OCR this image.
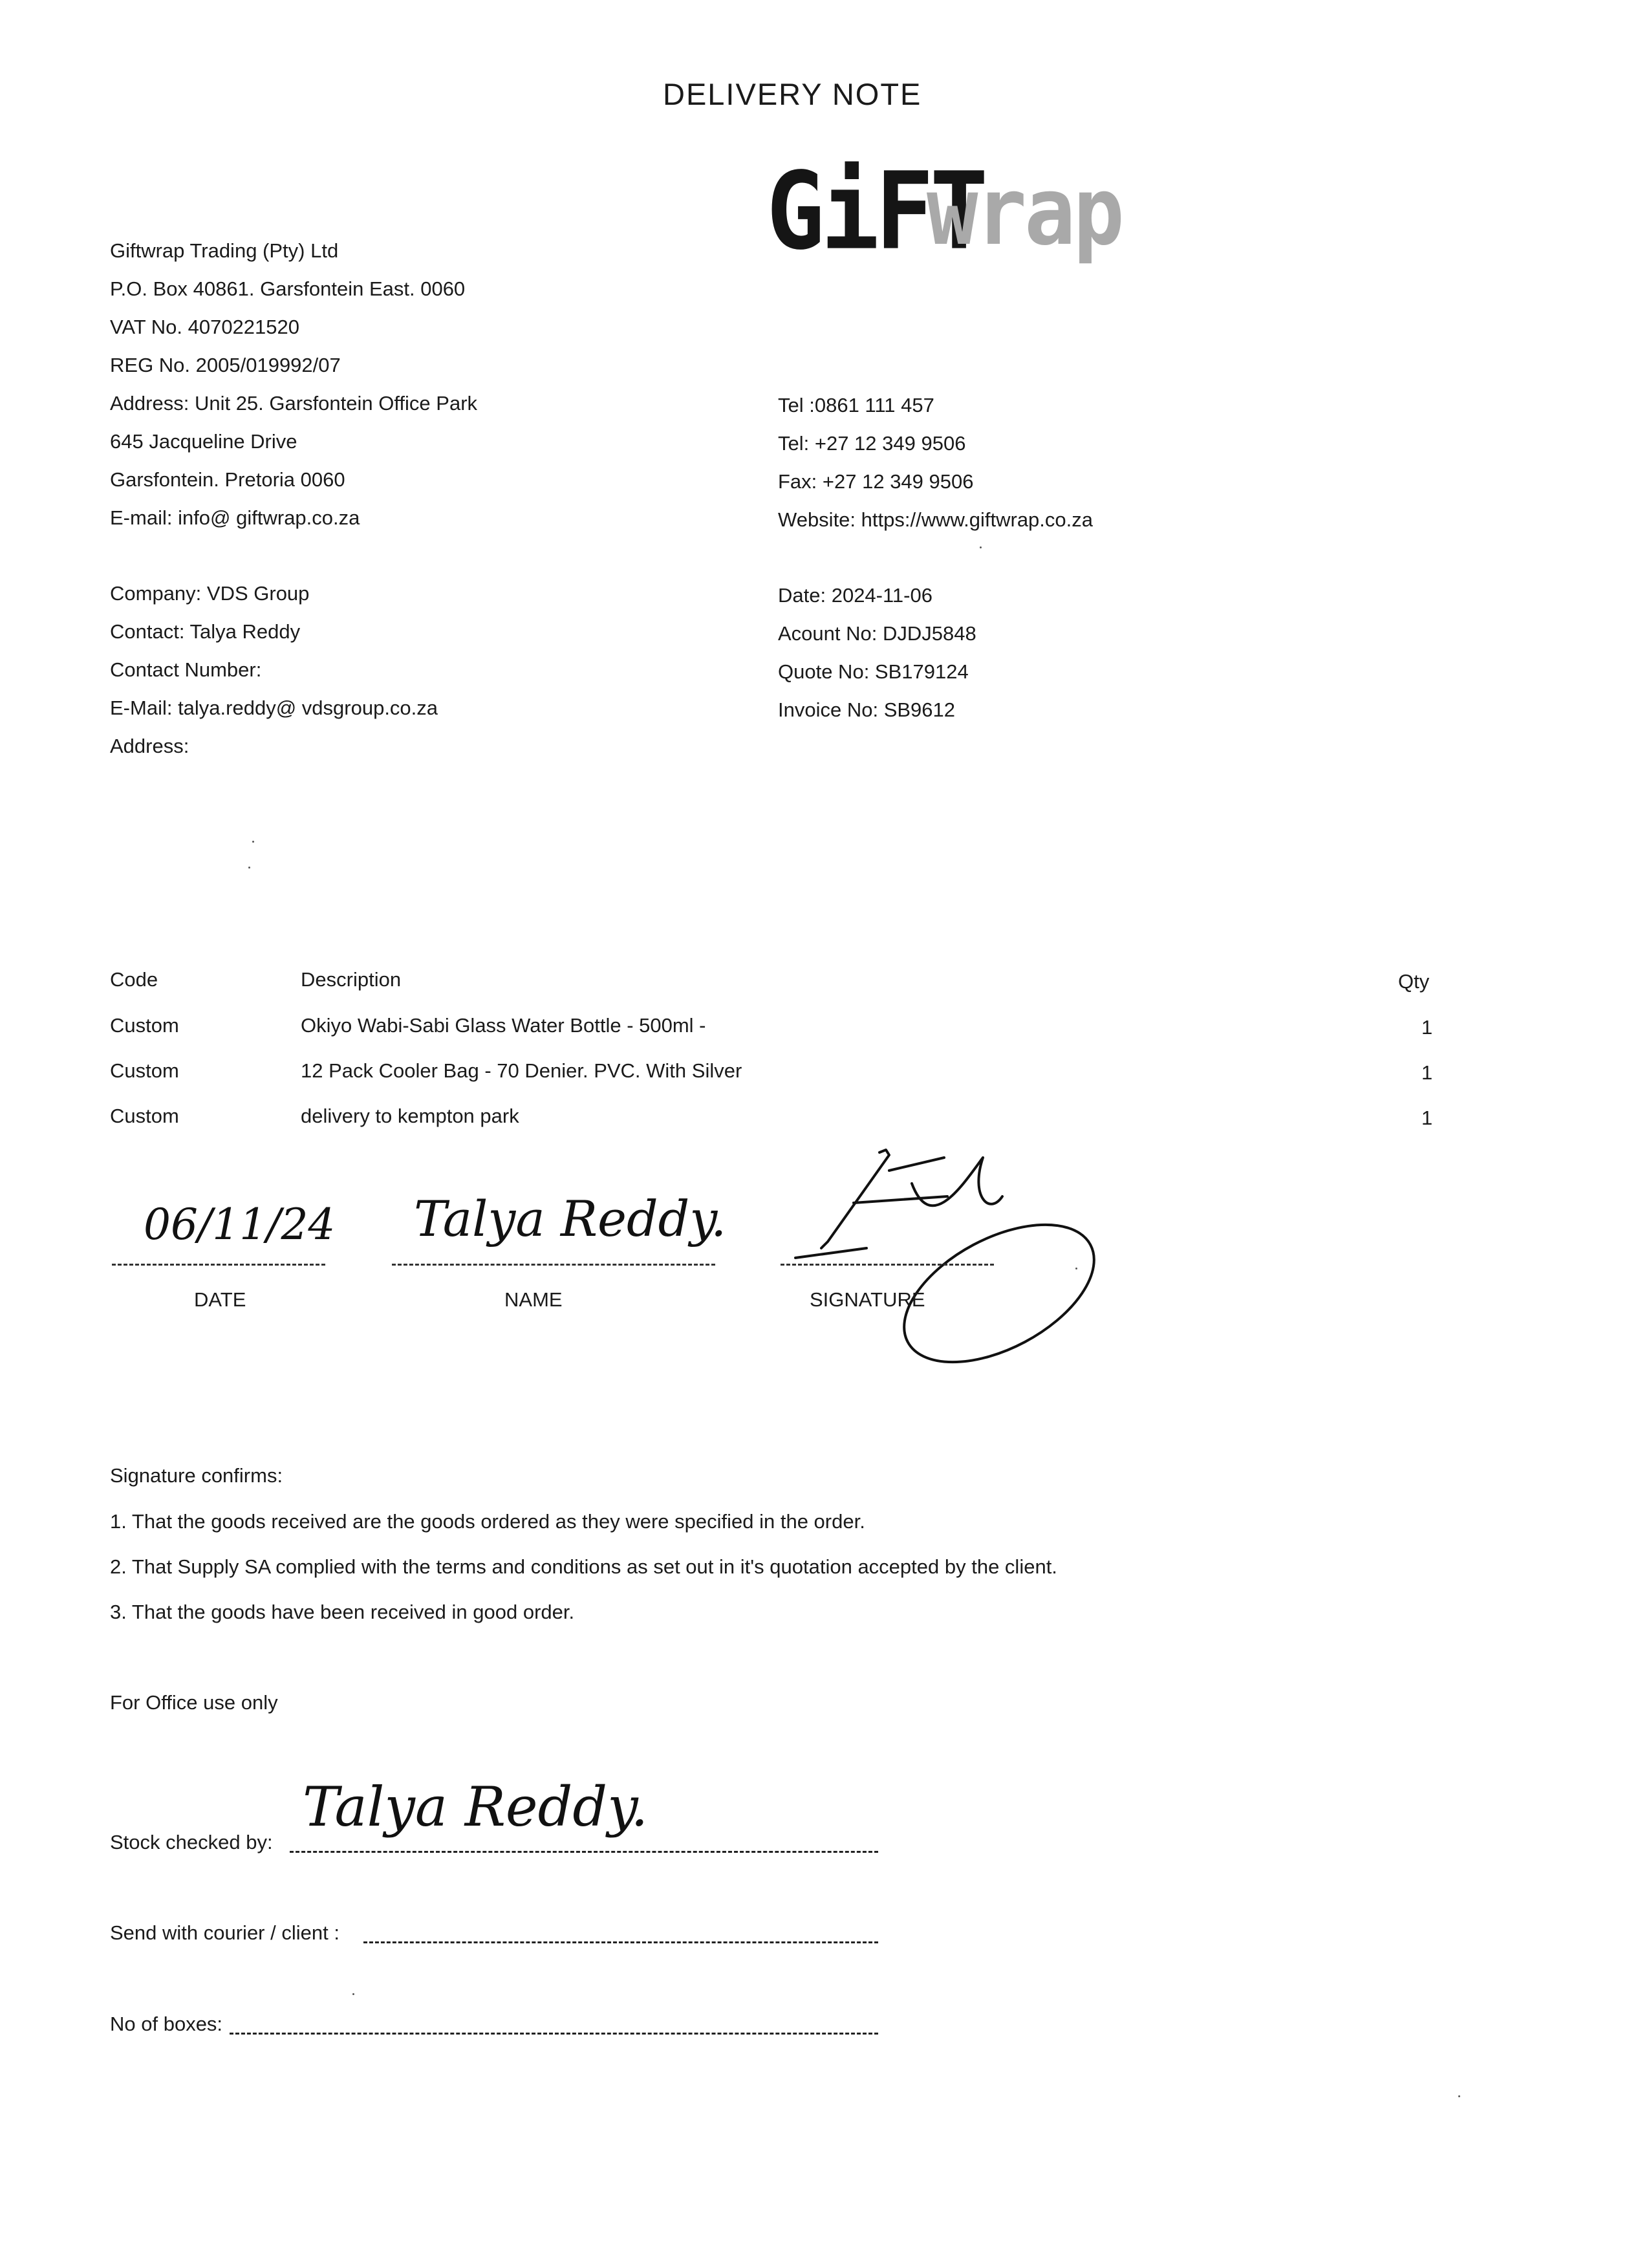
DELIVERY NOTE
GiFT
wrap
Giftwrap Trading (Pty) Ltd
P.O. Box 40861. Garsfontein East. 0060
VAT No. 4070221520
REG No. 2005/019992/07
Address: Unit 25. Garsfontein Office Park
645 Jacqueline Drive
Garsfontein. Pretoria 0060
E-mail: info@ giftwrap.co.za
Tel :0861 111 457
Tel: +27 12 349 9506
Fax: +27 12 349 9506
Website: https://www.giftwrap.co.za
Company: VDS Group
Contact: Talya Reddy
Contact Number:
E-Mail: talya.reddy@ vdsgroup.co.za
Address:
Date: 2024-11-06
Acount No: DJDJ5848
Quote No: SB179124
Invoice No: SB9612
Code	Description	Qty
Custom	Okiyo Wabi-Sabi Glass Water Bottle - 500ml -	1
Custom	12 Pack Cooler Bag - 70 Denier. PVC. With Silver	1
Custom	delivery to kempton park	1
06/11/24
DATE
Talya Reddy.
NAME	SIGNATURE
Signature confirms:
1. That the goods received are the goods ordered as they were specified in the order.
2. That Supply SA complied with the terms and conditions as set out in it's quotation accepted by the client.
3. That the goods have been received in good order.
For Office use only
Stock checked by:
Talya Reddy.
Send with courier / client :
No of boxes:
